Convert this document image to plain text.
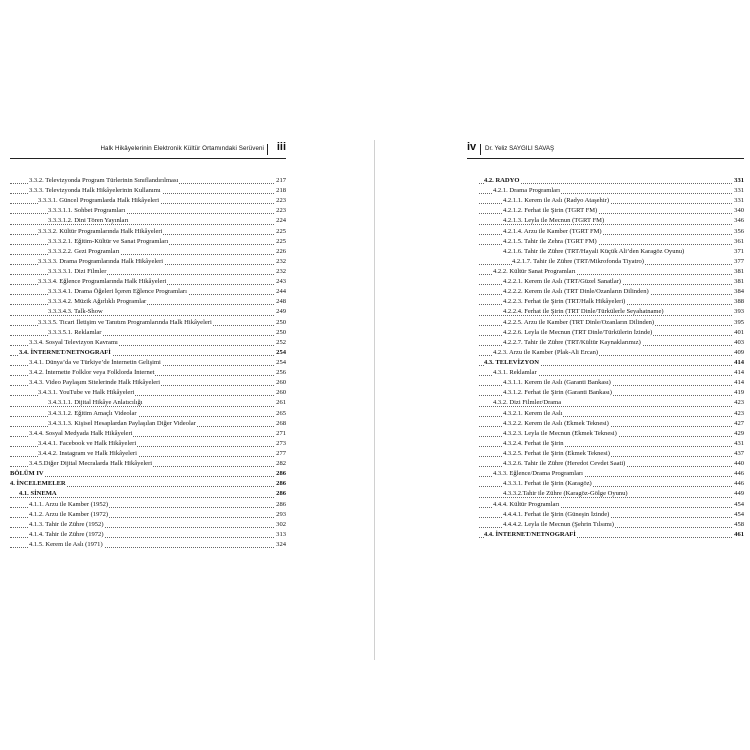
Halk Hikâyelerinin Elektronik Kültür Ortamındaki Serüveni iii
3.3.2. Televizyonda Program Türlerinin Sınıflandırılması	217
3.3.3. Televizyonda Halk Hikâyelerinin Kullanımı	218
3.3.3.1. Güncel Programlarda Halk Hikâyeleri	223
3.3.3.1.1. Sohbet Programları	223
3.3.3.1.2. Dini Tören Yayınları	224
3.3.3.2. Kültür Programlarında Halk Hikâyeleri	225
3.3.3.2.1. Eğitim-Kültür ve Sanat Programları	225
3.3.3.2.2. Gezi Programları	226
3.3.3.3. Drama Programlarında Halk Hikâyeleri	232
3.3.3.3.1. Dizi Filmler	232
3.3.3.4. Eğlence Programlarında Halk Hikâyeleri	243
3.3.3.4.1. Drama Öğeleri İçeren Eğlence Programları	244
3.3.3.4.2. Müzik Ağırlıklı Programlar	248
3.3.3.4.3. Talk-Show	249
3.3.3.5. Ticari İletişim ve Tanıtım Programlarında Halk Hikâyeleri	250
3.3.3.5.1. Reklamlar	250
3.3.4. Sosyal Televizyon Kavramı	252
3.4. İNTERNET/NETNOGRAFİ	254
3.4.1. Dünya’da ve Türkiye’de İnternetin Gelişimi	254
3.4.2. İnternette Folklor veya Folklorda İnternet	256
3.4.3. Video Paylaşım Sitelerinde Halk Hikâyeleri	260
3.4.3.1. YouTube ve Halk Hikâyeleri	260
3.4.3.1.1. Dijital Hikâye Anlatıcılığı	261
3.4.3.1.2. Eğitim Amaçlı Videolar	265
3.4.3.1.3. Kişisel Hesaplardan Paylaşılan Diğer Videolar	268
3.4.4. Sosyal Medyada Halk Hikâyeleri	271
3.4.4.1. Facebook ve Halk Hikâyeleri	273
3.4.4.2. Instagram ve Halk Hikâyeleri	277
3.4.5.Diğer Dijital Mecralarda Halk Hikâyeleri	282
BÖLÜM IV	286
4. İNCELEMELER	286
4.1. SİNEMA	286
4.1.1. Arzu ile Kamber (1952)	286
4.1.2. Arzu ile Kamber (1972)	293
4.1.3. Tahir ile Zühre (1952)	302
4.1.4. Tahir ile Zühre (1972)	313
4.1.5. Kerem ile Aslı (1971)	324
iv Dr. Yeliz SAYGILI SAVAŞ
4.2. RADYO	331
4.2.1. Drama Programları	331
4.2.1.1. Kerem ile Aslı (Radyo Ataşehir)	331
4.2.1.2. Ferhat ile Şirin (TGRT FM)	340
4.2.1.3. Leyla ile Mecnun (TGRT FM)	346
4.2.1.4. Arzu ile Kamber (TGRT FM)	356
4.2.1.5. Tahir ile Zehra (TGRT FM)	361
4.2.1.6. Tahir ile Zühre (TRT/Hayali Küçük Ali’den Karagöz Oyunu)	371
4.2.1.7. Tahir ile Zühre (TRT/Mikrofonda Tiyatro)	377
4.2.2. Kültür Sanat Programları	381
4.2.2.1. Kerem ile Aslı (TRT/Güzel Sanatlar)	381
4.2.2.2. Kerem ile Aslı (TRT Dinle/Ozanların Dilinden)	384
4.2.2.3. Ferhat ile Şirin (TRT/Halk Hikâyeleri)	388
4.2.2.4. Ferhat ile Şirin (TRT Dinle/Türkülerle Seyahatname)	393
4.2.2.5. Arzu ile Kamber (TRT Dinle/Ozanların Dilinden)	395
4.2.2.6. Leyla ile Mecnun (TRT Dinle/Türkülerin İzinde)	401
4.2.2.7. Tahir ile Zühre (TRT/Kültür Kaynaklarımız)	403
4.2.3. Arzu ile Kamber (Plak-Ali Ercan)	409
4.3. TELEVİZYON	414
4.3.1. Reklamlar	414
4.3.1.1. Kerem ile Aslı (Garanti Bankası)	414
4.3.1.2. Ferhat ile Şirin (Garanti Bankası)	419
4.3.2. Dizi Filmler/Drama	423
4.3.2.1. Kerem ile Aslı	423
4.3.2.2. Kerem ile Aslı (Ekmek Teknesi)	427
4.3.2.3. Leyla ile Mecnun (Ekmek Teknesi)	429
4.3.2.4. Ferhat ile Şirin	431
4.3.2.5. Ferhat ile Şirin (Ekmek Teknesi)	437
4.3.2.6. Tahir ile Zühre (Heredot Cevdet Saati)	440
4.3.3. Eğlence/Drama Programları	446
4.3.3.1. Ferhat ile Şirin (Karagöz)	446
4.3.3.2.Tahir ile Zühre (Karagöz-Gölge Oyunu)	449
4.4.4. Kültür Programları	454
4.4.4.1. Ferhat ile Şirin (Güneşin İzinde)	454
4.4.4.2. Leyla ile Mecnun (Şehrin Tılsımı)	458
4.4. İNTERNET/NETNOGRAFİ	461
